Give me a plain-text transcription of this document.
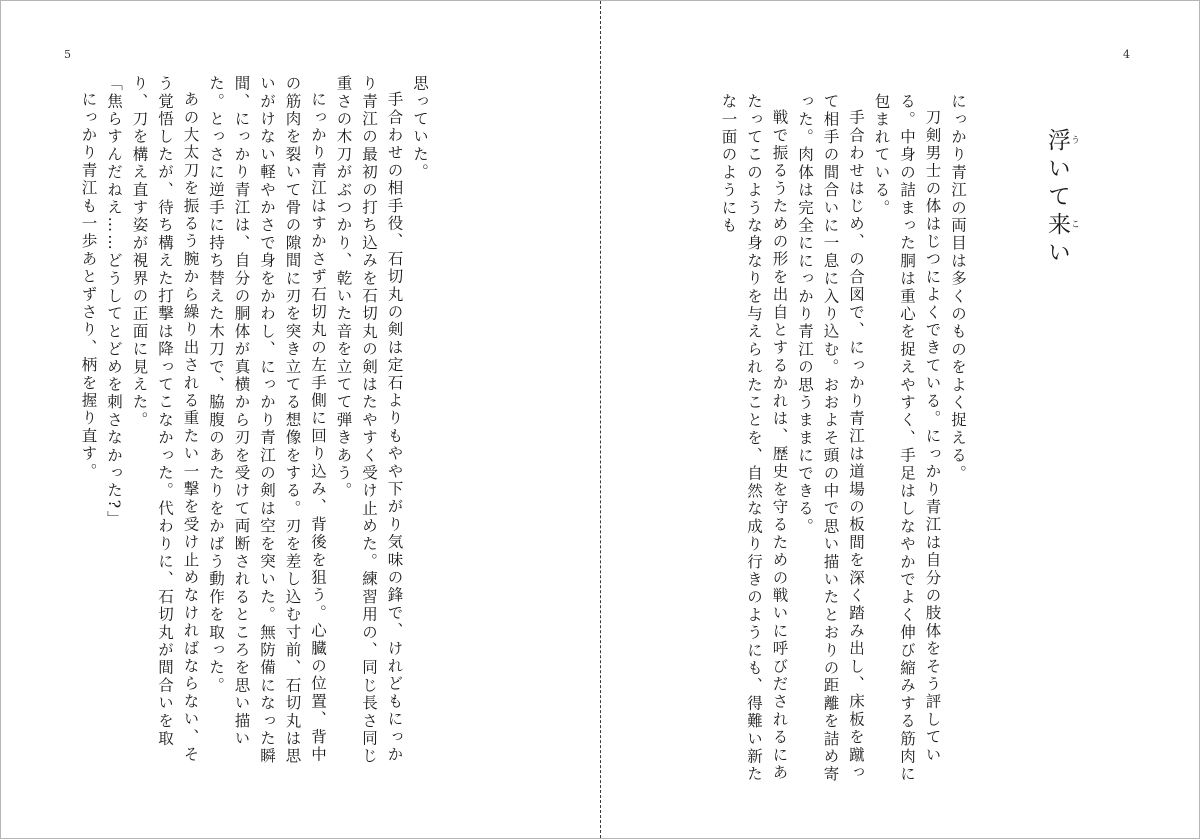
5

思っていた。

手合わせの相手役、石切丸の剣は定石よりもやや下がり気味の鋒で、けれどもにっかり青江の最初の打ち込みを石切丸の剣はたやすく受け止めた。練習用の、同じ長さ同じ重さの木刀がぶつかり、乾いた音を立てて弾きあう。

にっかり青江はすかさず石切丸の左手側に回り込み、背後を狙う。心臓の位置、背中の筋肉を裂いて骨の隙間に刃を突き立てる想像をする。刃を差し込む寸前、石切丸は思いがけない軽やかさで身をかわし、にっかり青江の剣は空を突いた。無防備になった瞬間、にっかり青江は、自分の胴体が真横から刃を受けて両断されるところを思い描いた。とっさに逆手に持ち替えた木刀で、脇腹のあたりをかばう動作を取った。

あの大太刀を振るう腕から繰り出される重たい一撃を受け止めなければならない、そう覚悟したが、待ち構えた打撃は降ってこなかった。代わりに、石切丸が間合いを取り、刀を構え直す姿が視界の正面に見えた。

「焦らすんだねえ……どうしてとどめを刺さなかった?」

にっかり青江も一歩あとずさり、柄を握り直す。

4
浮 ういて来 こい

にっかり青江の両目は多くのものをよく捉える。

刀剣男士の体はじつによくできている。にっかり青江は自分の肢体をそう評している。中身の詰まった胴は重心を捉えやすく、手足はしなやかでよく伸び縮みする筋肉に包まれている。

手合わせはじめ、の合図で、にっかり青江は道場の板間を深く踏み出し、床板を蹴って相手の間合いに一息に入り込む。おおよそ頭の中で思い描いたとおりの距離を詰め寄った。肉体は完全ににっかり青江の思うままにできる。

戦で振るうための形を出自とするかれは、歴史を守るための戦いに呼びだされるにあたってこのような身なりを与えられたことを、自然な成り行きのようにも、得難い新たな一面のようにも
